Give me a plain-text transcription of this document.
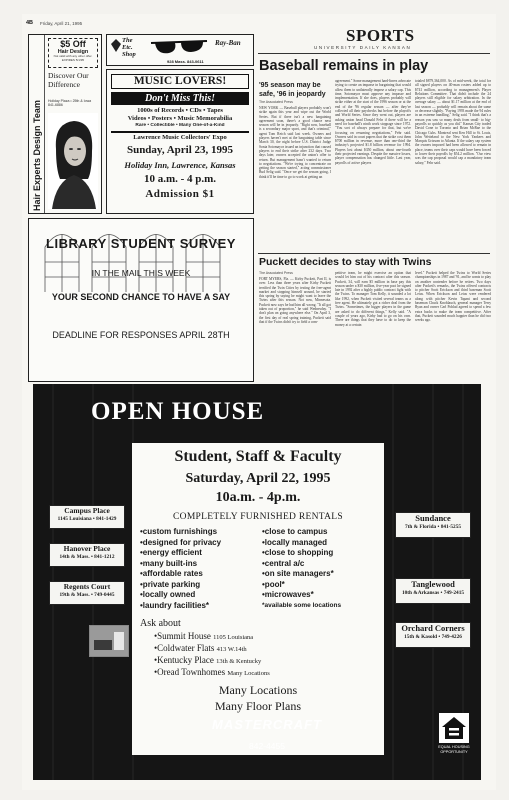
4B Friday, April 21, 1995
SPORTS
UNIVERSITY DAILY KANSAN
Hair Experts Design Team
$5 Off
Hair Design
Not valid with any other offer. EXPIRES 5/1/95
Discover Our Difference
Holiday Plaza • 25th & Iowa 841-6886
The Etc. Shop
Ray-Ban
928 Mass. 843-0611
MUSIC LOVERS!
Don't Miss This!
1000s of Records • CDs • Tapes
Videos • Posters • Music Memorabilia
Rare • Collectible • Many One-of-a-Kind
Lawrence Music Collectors' Expo
Sunday, April 23, 1995
Holiday Inn, Lawrence, Kansas
10 a.m. - 4 p.m.
Admission $1
LIBRARY STUDENT SURVEY
IN THE MAIL THIS WEEK
YOUR SECOND CHANCE TO HAVE A SAY
DEADLINE FOR RESPONSES APRIL 28TH
Baseball remains in play
'95 season may be safe, '96 in jeopardy
The Associated Press
NEW YORK — Baseball players probably won't strike again this year and wipe out the World Series. But if there isn't a new bargaining agreement soon, there's a good chance next season will be in jeopardy. "Right now, baseball is a secondary major sport, and that's criminal," agent Tom Reich said last week. Owners and players haven't met at the bargaining table since March 30, the night before U.S. District Judge Sonia Sotomayor issued an injunction that caused players to end their strike after 232 days. Two days later, owners accepted the union's offer to return. But management hasn't wanted to return to negotiations. "We're trying to concentrate on getting the season started," acting commissioner Bud Selig said. "Once we get the season going, I think it'll be time to go to work at getting an
agreement." Some management hard-liners advocate trying to create an impasse in bargaining that would allow them to unilaterally impose a salary cap. This time, Sotomayor must approve any impasse and implementation. If she does, players probably will strike either at the start of the 1996 season or at the end of the '96 regular season — after they've collected all their paychecks but before the playoffs and World Series. Since they went out, players are asking union head Donald Fehr if there will be a need for baseball's ninth work stoppage since 1972. "You sort of always prepare for that, but we're focusing on resuming negotiations," Fehr said. Owners said in court papers that the strike cost them $700 million in revenue, more than one-third the industry's projected $1.8 billion revenue for 1994. Players lost about $350 million, about one-fourth their projected earnings. Despite the massive losses, player compensation has changed little. Last year, payrolls of active players
totaled $879,364,000. As of mid-week, the total for all signed players on 40-man rosters added up to $741 million, according to management's Player Relations Committee. That didn't include the 24 players still eligible for salary arbitration. In the average salary — about $1.17 million at the end of last season — probably will remain about the same or decrease slightly. "Paying 1993 made the 94 rules in an extreme handling," Selig said. "I think that's a reason you saw so many deals from small- to big-payrolls so quickly as you did." Kansas City traded David Cone to Toronto and Brian McRae to the Chicago Cubs. Montreal sent Ken Hill to St. Louis, John Wetteland to the New York Yankees and Marquis Grissom to Atlanta. If the salary cap system the owners imposed had been allowed to remain in place, teams over their caps would have been forced to lower their payrolls by $54.2 million. "Our view was the cap proposal would cap a mandatory team salary," Fehr said.
Puckett decides to stay with Twins
The Associated Press
FORT MYERS, Fla. — Kirby Puckett, Part II, is over. Less than three years after Kirby Puckett terrified the Twin Cities by testing the free-agent market and stopping himself around, he started this spring by saying he might want to leave the Twins after this season. Not now, Minnesota. Puckett now says he had him all wrong. "It all got taken out of proportion," he said Wednesday. "I don't plan on going anywhere else." On April 3, the first day of real spring training, Puckett said that if the Twins didn't try to field a com-
petitive team, he might exercise an option that would let him out of his contract after this season. Puckett, 34, will earn $5 million in base pay this season under a $30 million, five-year pact he signed late in 1992 after a highly public contract fight with the Twins. To manager Tom Kelly, it sounded a lot like 1992, when Puckett visited several teams as a free agent. He ultimately got a richer deal from the Twins. "Sometimes, the bigger players in the game are asked to do different things," Kelly said. "A couple of years ago, Kirby had to go on his own. There are things that they have to do to keep the money at a certain
level." Puckett helped the Twins to World Series championships in 1987 and '91, and he wants to play on another contender before he retires. Two days after Puckett's remarks, the Twins offered contracts to pitcher Scott Erickson and third baseman Scott Leius. When Erickson and Leius were rendered along with pitcher Kevin Tapani and second baseman Chuck Knoblauch, general manager Terry Ryan and owner Carl Pohlad agreed to spend a few extra bucks to make the team competitive. After that, Puckett sounded much happier than he did two weeks ago.
OPEN HOUSE
Student, Staff & Faculty
Saturday, April 22, 1995
10a.m. - 4p.m.
COMPLETELY FURNISHED RENTALS
•custom furnishings
•designed for privacy
•energy efficient
•many built-ins
•affordable rates
•private parking
•locally owned
•laundry facilities*
•close to campus
•locally managed
•close to shopping
•central a/c
•on site managers*
•pool*
•microwaves*
*available some locations
Ask about
•Summit House 1105 Louisiana
•Coldwater Flats 413 W.14th
•Kentucky Place 13th & Kentucky
•Oread Townhomes Many Locations
Many Locations
Many Floor Plans
Campus Place
1145 Louisiana • 841-1429
Hanover Place
14th & Mass. • 841-1212
Regents Court
19th & Mass. • 749-0445
Sundance
7th & Florida • 841-5255
Tanglewood
10th &Arkansas • 749-2415
Orchard Corners
15th & Kasold • 749-4226
MASTERCRAFT
842-4455	EQUAL HOUSING OPPORTUNITY
